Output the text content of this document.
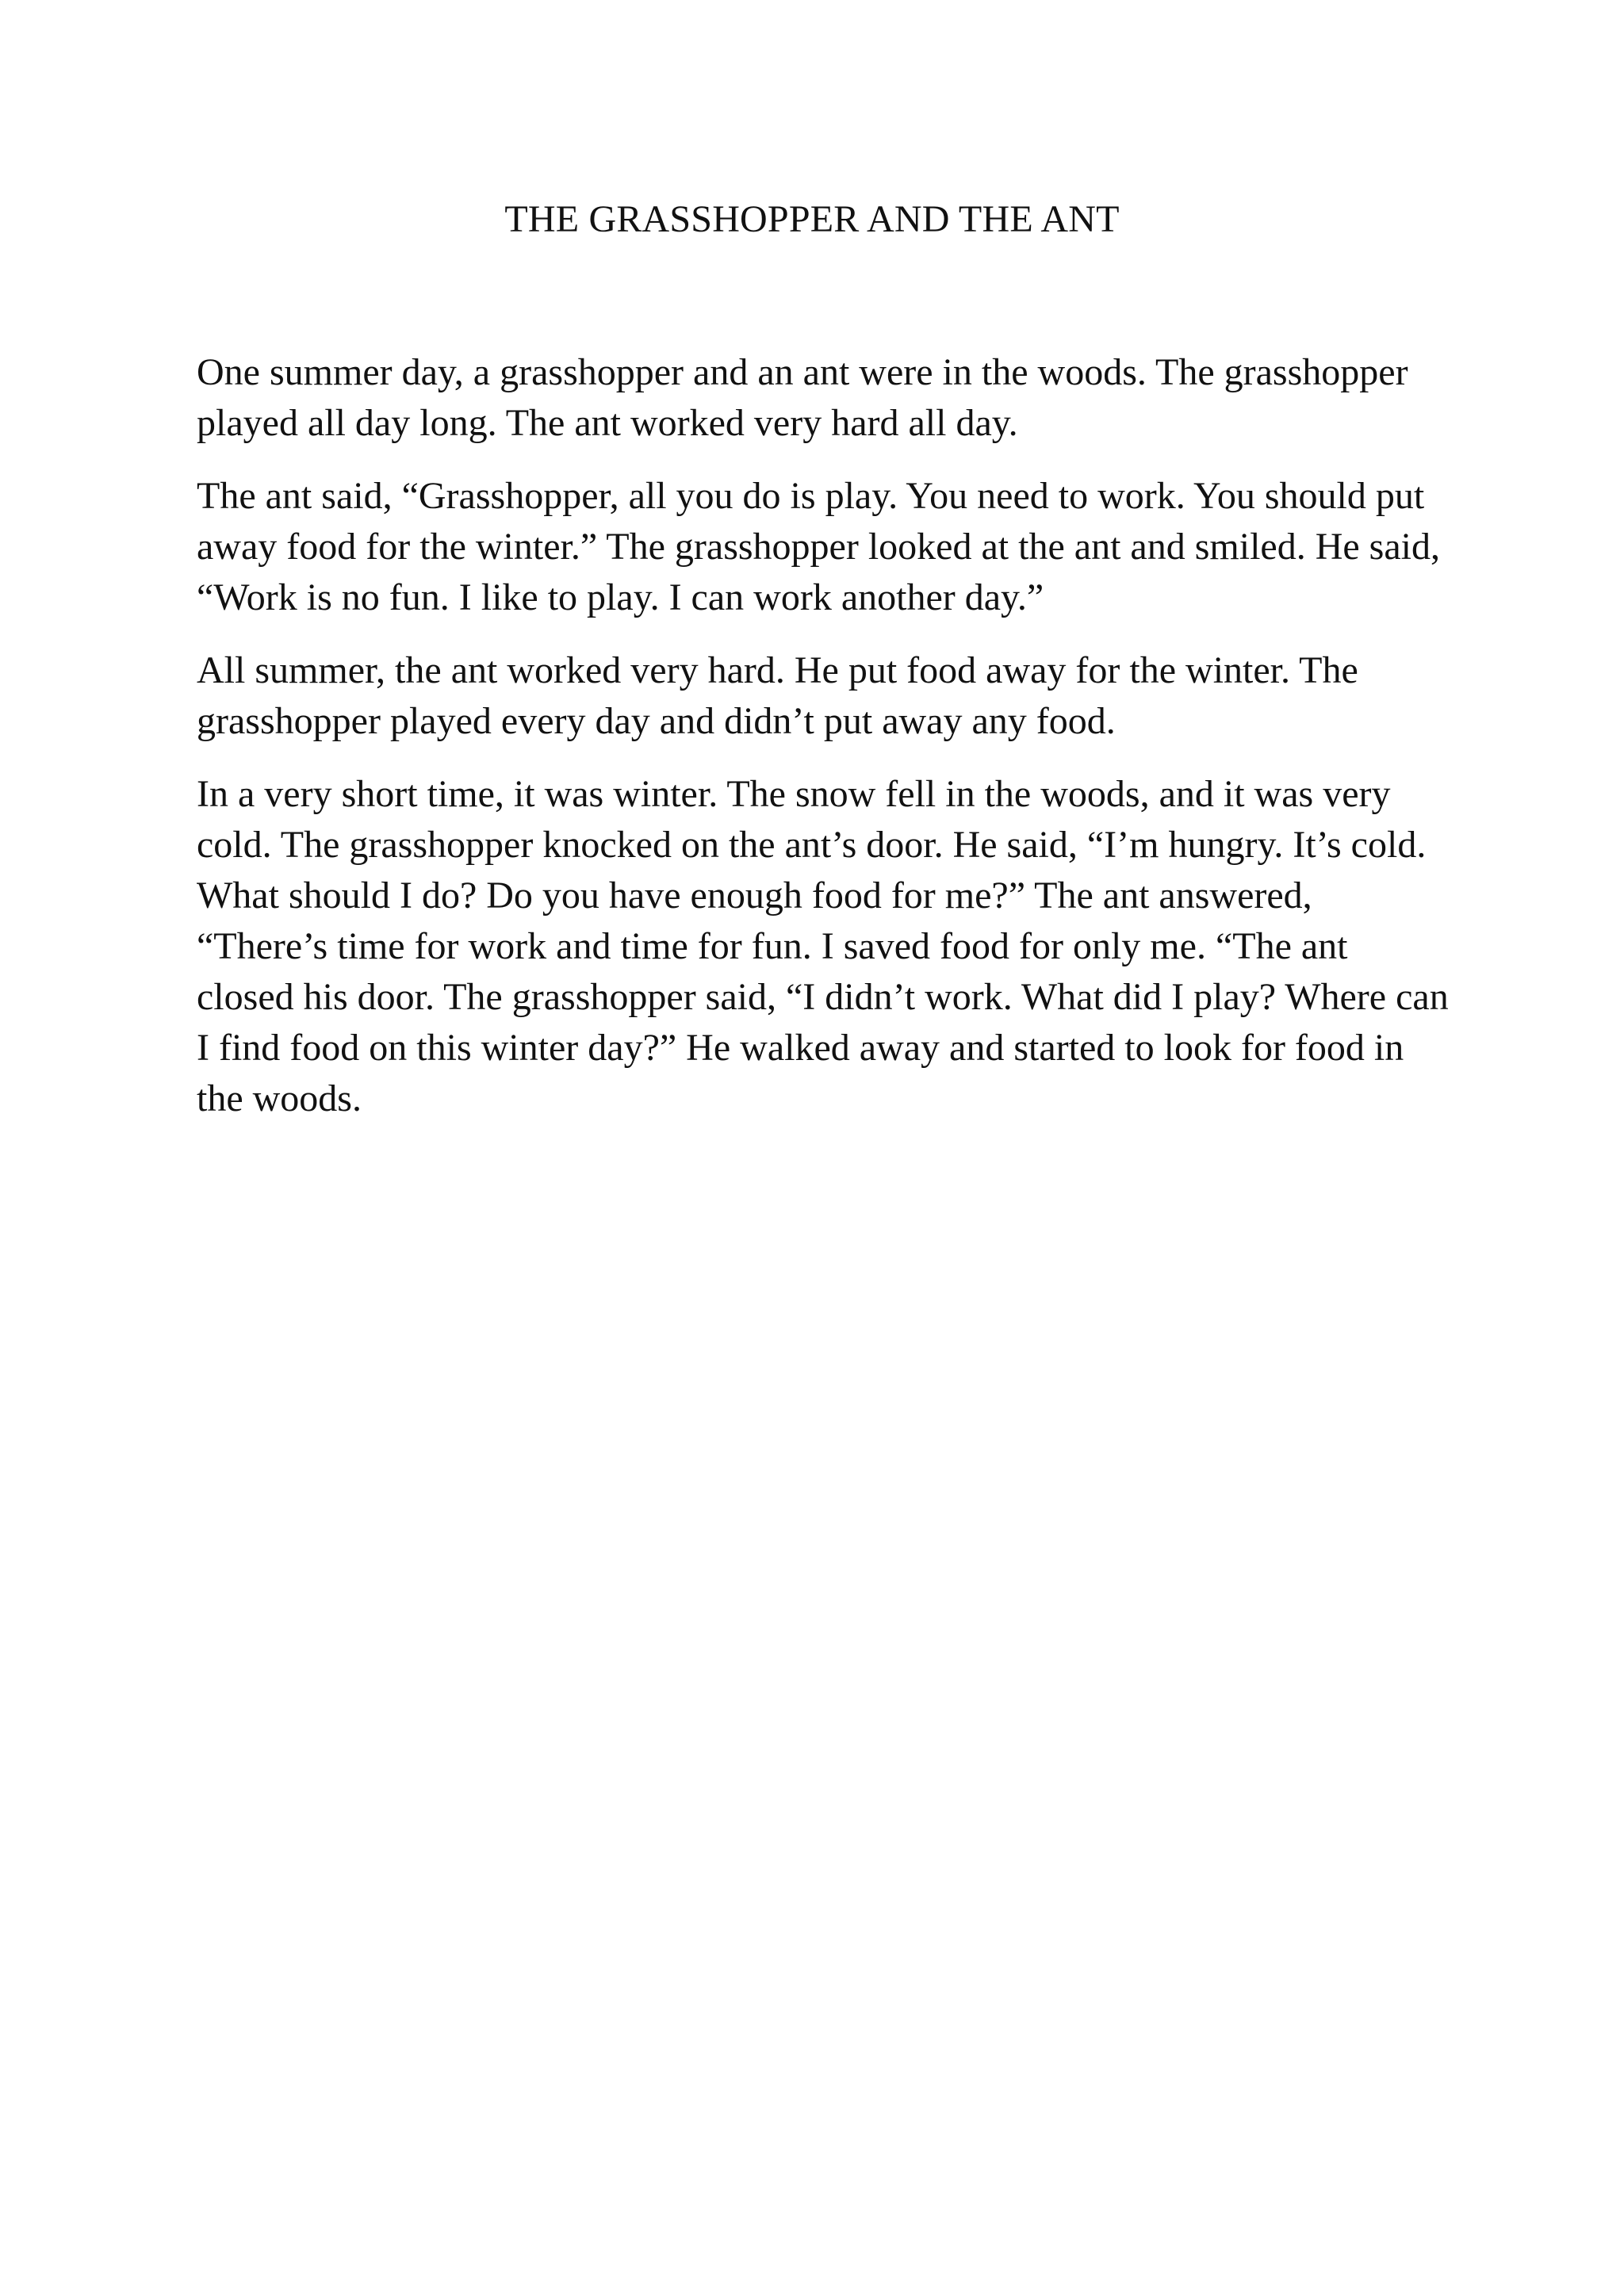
THE GRASSHOPPER AND THE ANT

One summer day, a grasshopper and an ant were in the woods. The grasshopper played all day long. The ant worked very hard all day.

The ant said, “Grasshopper, all you do is play. You need to work. You should put away food for the winter.” The grasshopper looked at the ant and smiled. He said, “Work is no fun. I like to play. I can work another day.”

All summer, the ant worked very hard. He put food away for the winter. The grasshopper played every day and didn’t put away any food.

In a very short time, it was winter. The snow fell in the woods, and it was very cold. The grasshopper knocked on the ant’s door. He said, “I’m hungry. It’s cold. What should I do? Do you have enough food for me?” The ant answered, “There’s time for work and time for fun. I saved food for only me. “The ant closed his door. The grasshopper said, “I didn’t work. What did I play? Where can I find food on this winter day?” He walked away and started to look for food in the woods.
